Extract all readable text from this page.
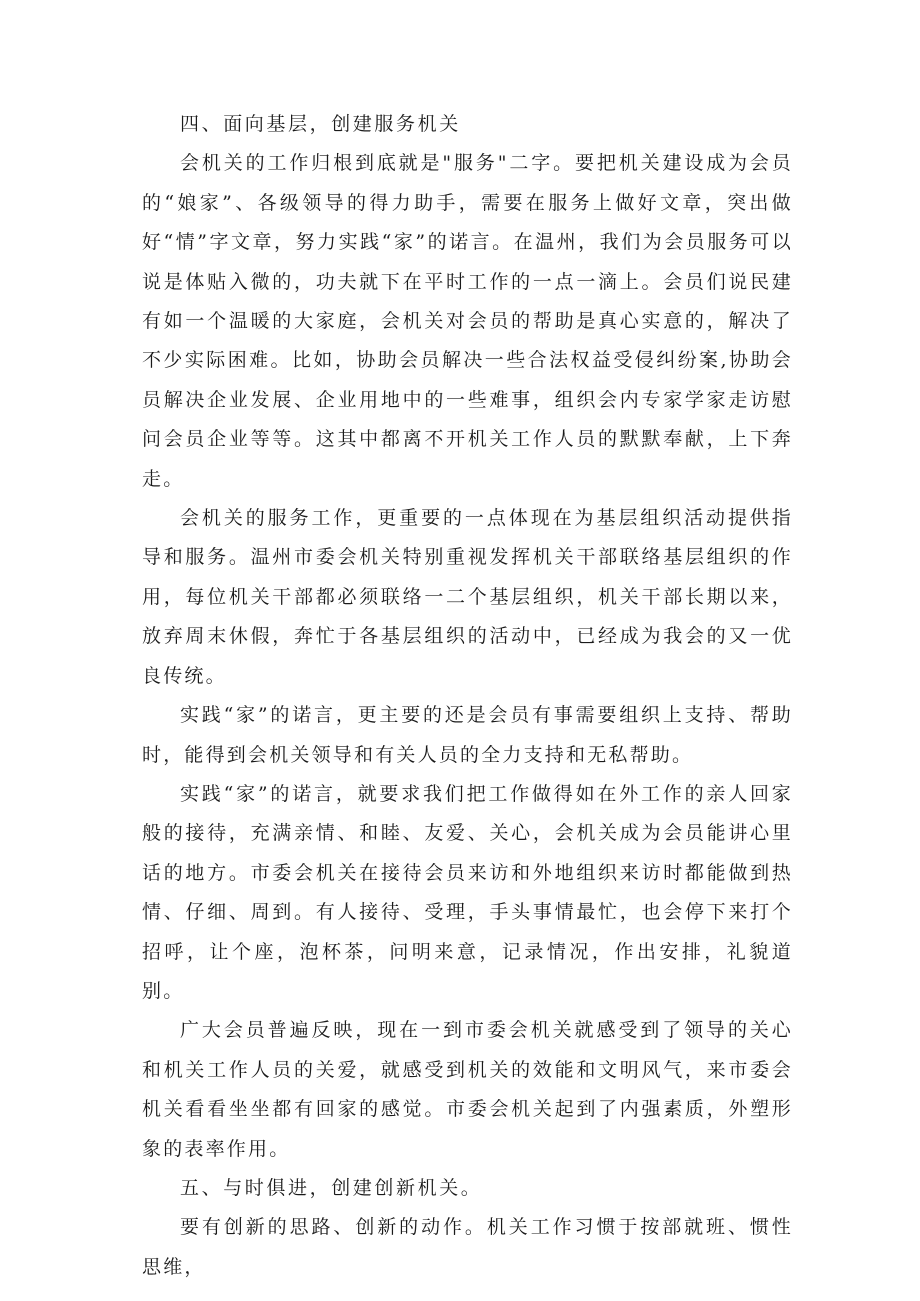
四、面向基层，创建服务机关

会机关的工作归根到底就是"服务"二字。要把机关建设成为会员的“娘家”、各级领导的得力助手，需要在服务上做好文章，突出做好“情”字文章，努力实践“家”的诺言。在温州，我们为会员服务可以说是体贴入微的，功夫就下在平时工作的一点一滴上。会员们说民建有如一个温暖的大家庭，会机关对会员的帮助是真心实意的，解决了不少实际困难。比如，协助会员解决一些合法权益受侵纠纷案,协助会员解决企业发展、企业用地中的一些难事，组织会内专家学家走访慰问会员企业等等。这其中都离不开机关工作人员的默默奉献，上下奔走。

会机关的服务工作，更重要的一点体现在为基层组织活动提供指导和服务。温州市委会机关特别重视发挥机关干部联络基层组织的作用，每位机关干部都必须联络一二个基层组织，机关干部长期以来，放弃周末休假，奔忙于各基层组织的活动中，已经成为我会的又一优良传统。

实践“家”的诺言，更主要的还是会员有事需要组织上支持、帮助时，能得到会机关领导和有关人员的全力支持和无私帮助。

实践“家”的诺言，就要求我们把工作做得如在外工作的亲人回家般的接待，充满亲情、和睦、友爱、关心，会机关成为会员能讲心里话的地方。市委会机关在接待会员来访和外地组织来访时都能做到热情、仔细、周到。有人接待、受理，手头事情最忙，也会停下来打个招呼，让个座，泡杯茶，问明来意，记录情况，作出安排，礼貌道别。

广大会员普遍反映，现在一到市委会机关就感受到了领导的关心和机关工作人员的关爱，就感受到机关的效能和文明风气，来市委会机关看看坐坐都有回家的感觉。市委会机关起到了内强素质，外塑形象的表率作用。

五、与时俱进，创建创新机关。

要有创新的思路、创新的动作。机关工作习惯于按部就班、惯性思维，
